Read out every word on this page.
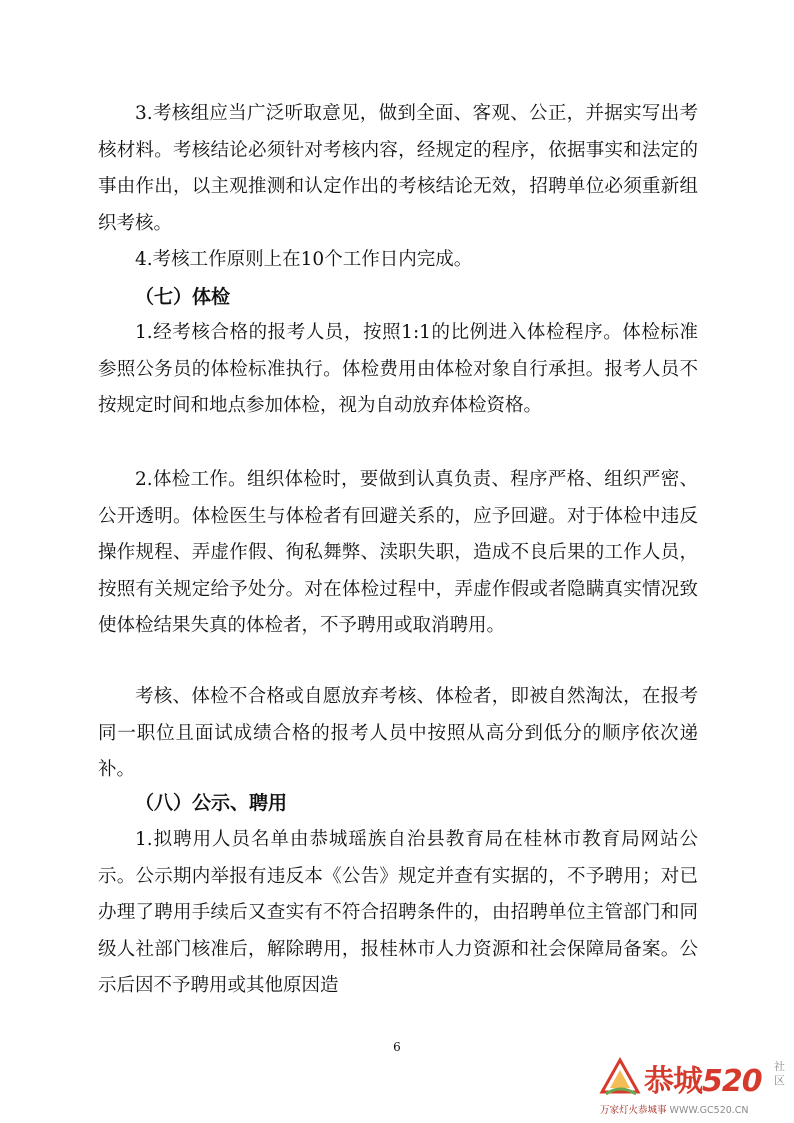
3.考核组应当广泛听取意见，做到全面、客观、公正，并据实写出考核材料。考核结论必须针对考核内容，经规定的程序，依据事实和法定的事由作出，以主观推测和认定作出的考核结论无效，招聘单位必须重新组织考核。

4.考核工作原则上在10个工作日内完成。

（七）体检

1.经考核合格的报考人员，按照1:1的比例进入体检程序。体检标准参照公务员的体检标准执行。体检费用由体检对象自行承担。报考人员不按规定时间和地点参加体检，视为自动放弃体检资格。

2.体检工作。组织体检时，要做到认真负责、程序严格、组织严密、公开透明。体检医生与体检者有回避关系的，应予回避。对于体检中违反操作规程、弄虚作假、徇私舞弊、渎职失职，造成不良后果的工作人员，按照有关规定给予处分。对在体检过程中，弄虚作假或者隐瞒真实情况致使体检结果失真的体检者，不予聘用或取消聘用。

考核、体检不合格或自愿放弃考核、体检者，即被自然淘汰，在报考同一职位且面试成绩合格的报考人员中按照从高分到低分的顺序依次递补。

（八）公示、聘用

1.拟聘用人员名单由恭城瑶族自治县教育局在桂林市教育局网站公示。公示期内举报有违反本《公告》规定并查有实据的，不予聘用；对已办理了聘用手续后又查实有不符合招聘条件的，由招聘单位主管部门和同级人社部门核准后，解除聘用，报桂林市人力资源和社会保障局备案。公示后因不予聘用或其他原因造

6
恭城520 社区
万家灯火恭城事 WWW.GC520.CN
